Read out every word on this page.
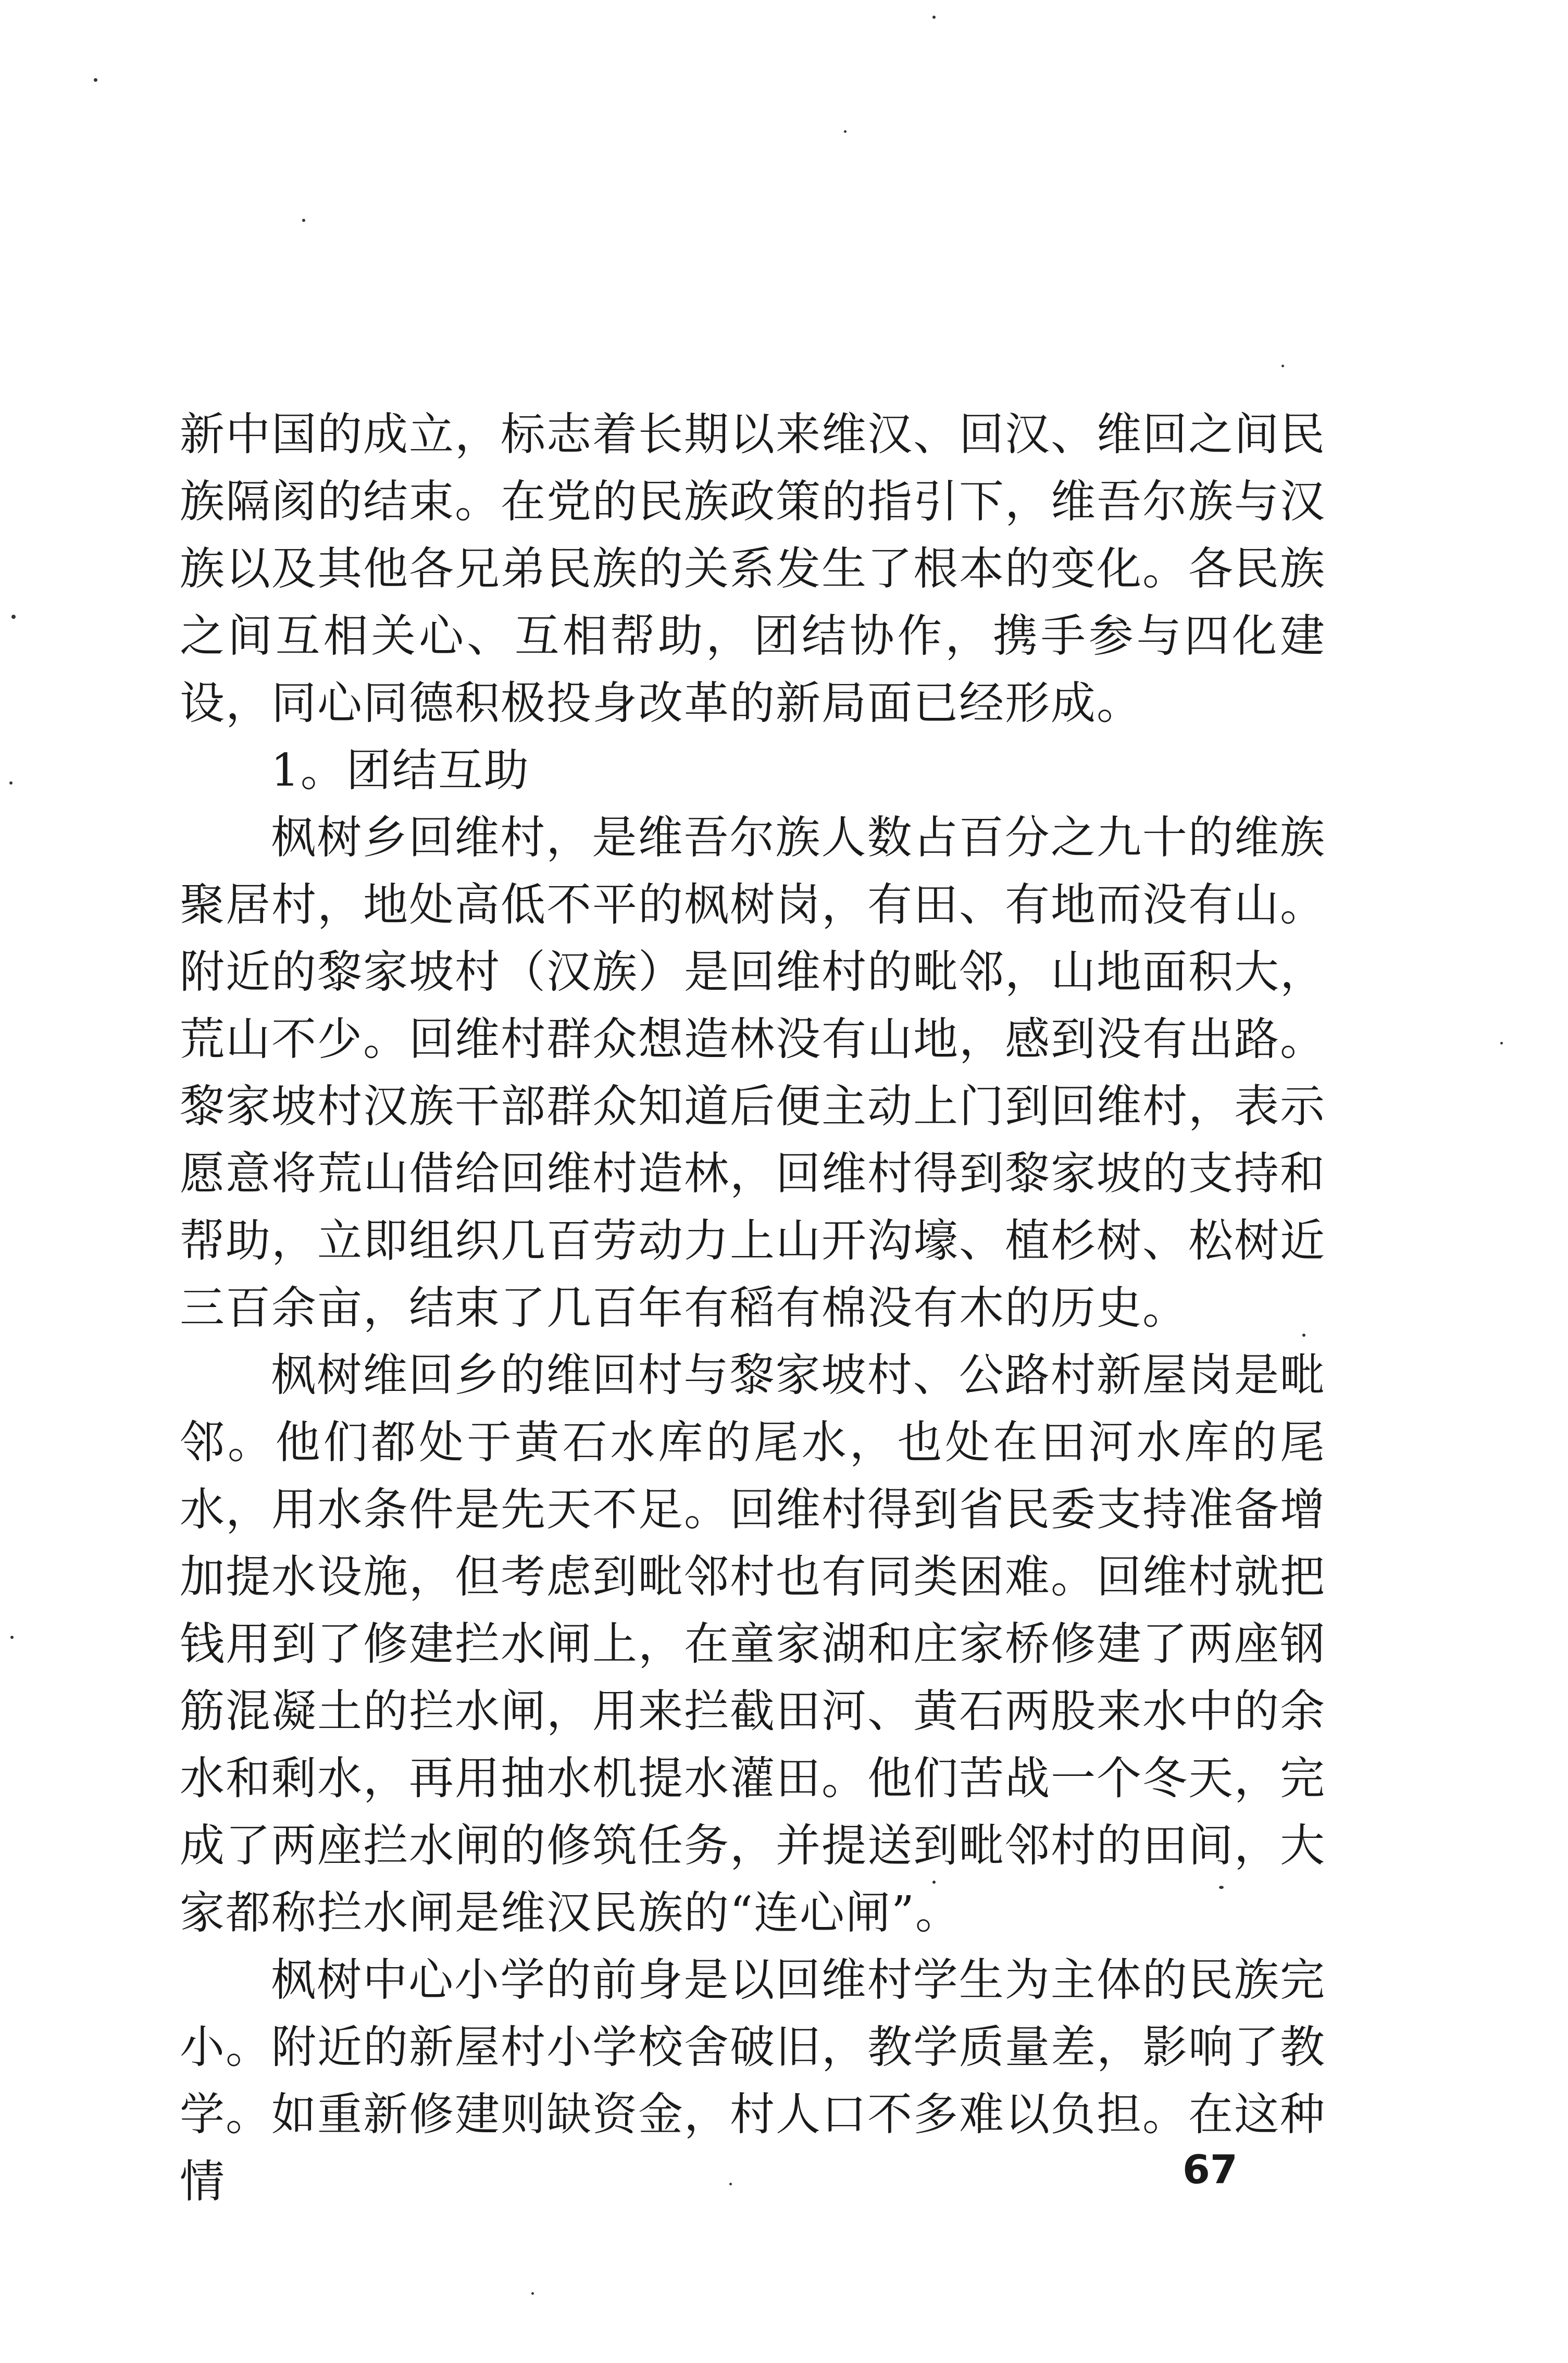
新中国的成立，标志着长期以来维汉、回汉、维回之间民族隔阂的结束。在党的民族政策的指引下，维吾尔族与汉族以及其他各兄弟民族的关系发生了根本的变化。各民族之间互相关心、互相帮助，团结协作，携手参与四化建设，同心同德积极投身改革的新局面已经形成。

1。团结互助

枫树乡回维村，是维吾尔族人数占百分之九十的维族聚居村，地处高低不平的枫树岗，有田、有地而没有山。附近的黎家坡村（汉族）是回维村的毗邻，山地面积大，荒山不少。回维村群众想造林没有山地，感到没有出路。黎家坡村汉族干部群众知道后便主动上门到回维村，表示愿意将荒山借给回维村造林，回维村得到黎家坡的支持和帮助，立即组织几百劳动力上山开沟壕、植杉树、松树近三百余亩，结束了几百年有稻有棉没有木的历史。

枫树维回乡的维回村与黎家坡村、公路村新屋岗是毗邻。他们都处于黄石水库的尾水，也处在田河水库的尾水，用水条件是先天不足。回维村得到省民委支持准备增加提水设施，但考虑到毗邻村也有同类困难。回维村就把钱用到了修建拦水闸上，在童家湖和庄家桥修建了两座钢筋混凝土的拦水闸，用来拦截田河、黄石两股来水中的余水和剩水，再用抽水机提水灌田。他们苦战一个冬天，完成了两座拦水闸的修筑任务，并提送到毗邻村的田间，大家都称拦水闸是维汉民族的“连心闸”。

枫树中心小学的前身是以回维村学生为主体的民族完小。附近的新屋村小学校舍破旧，教学质量差，影响了教学。如重新修建则缺资金，村人口不多难以负担。在这种情	67
